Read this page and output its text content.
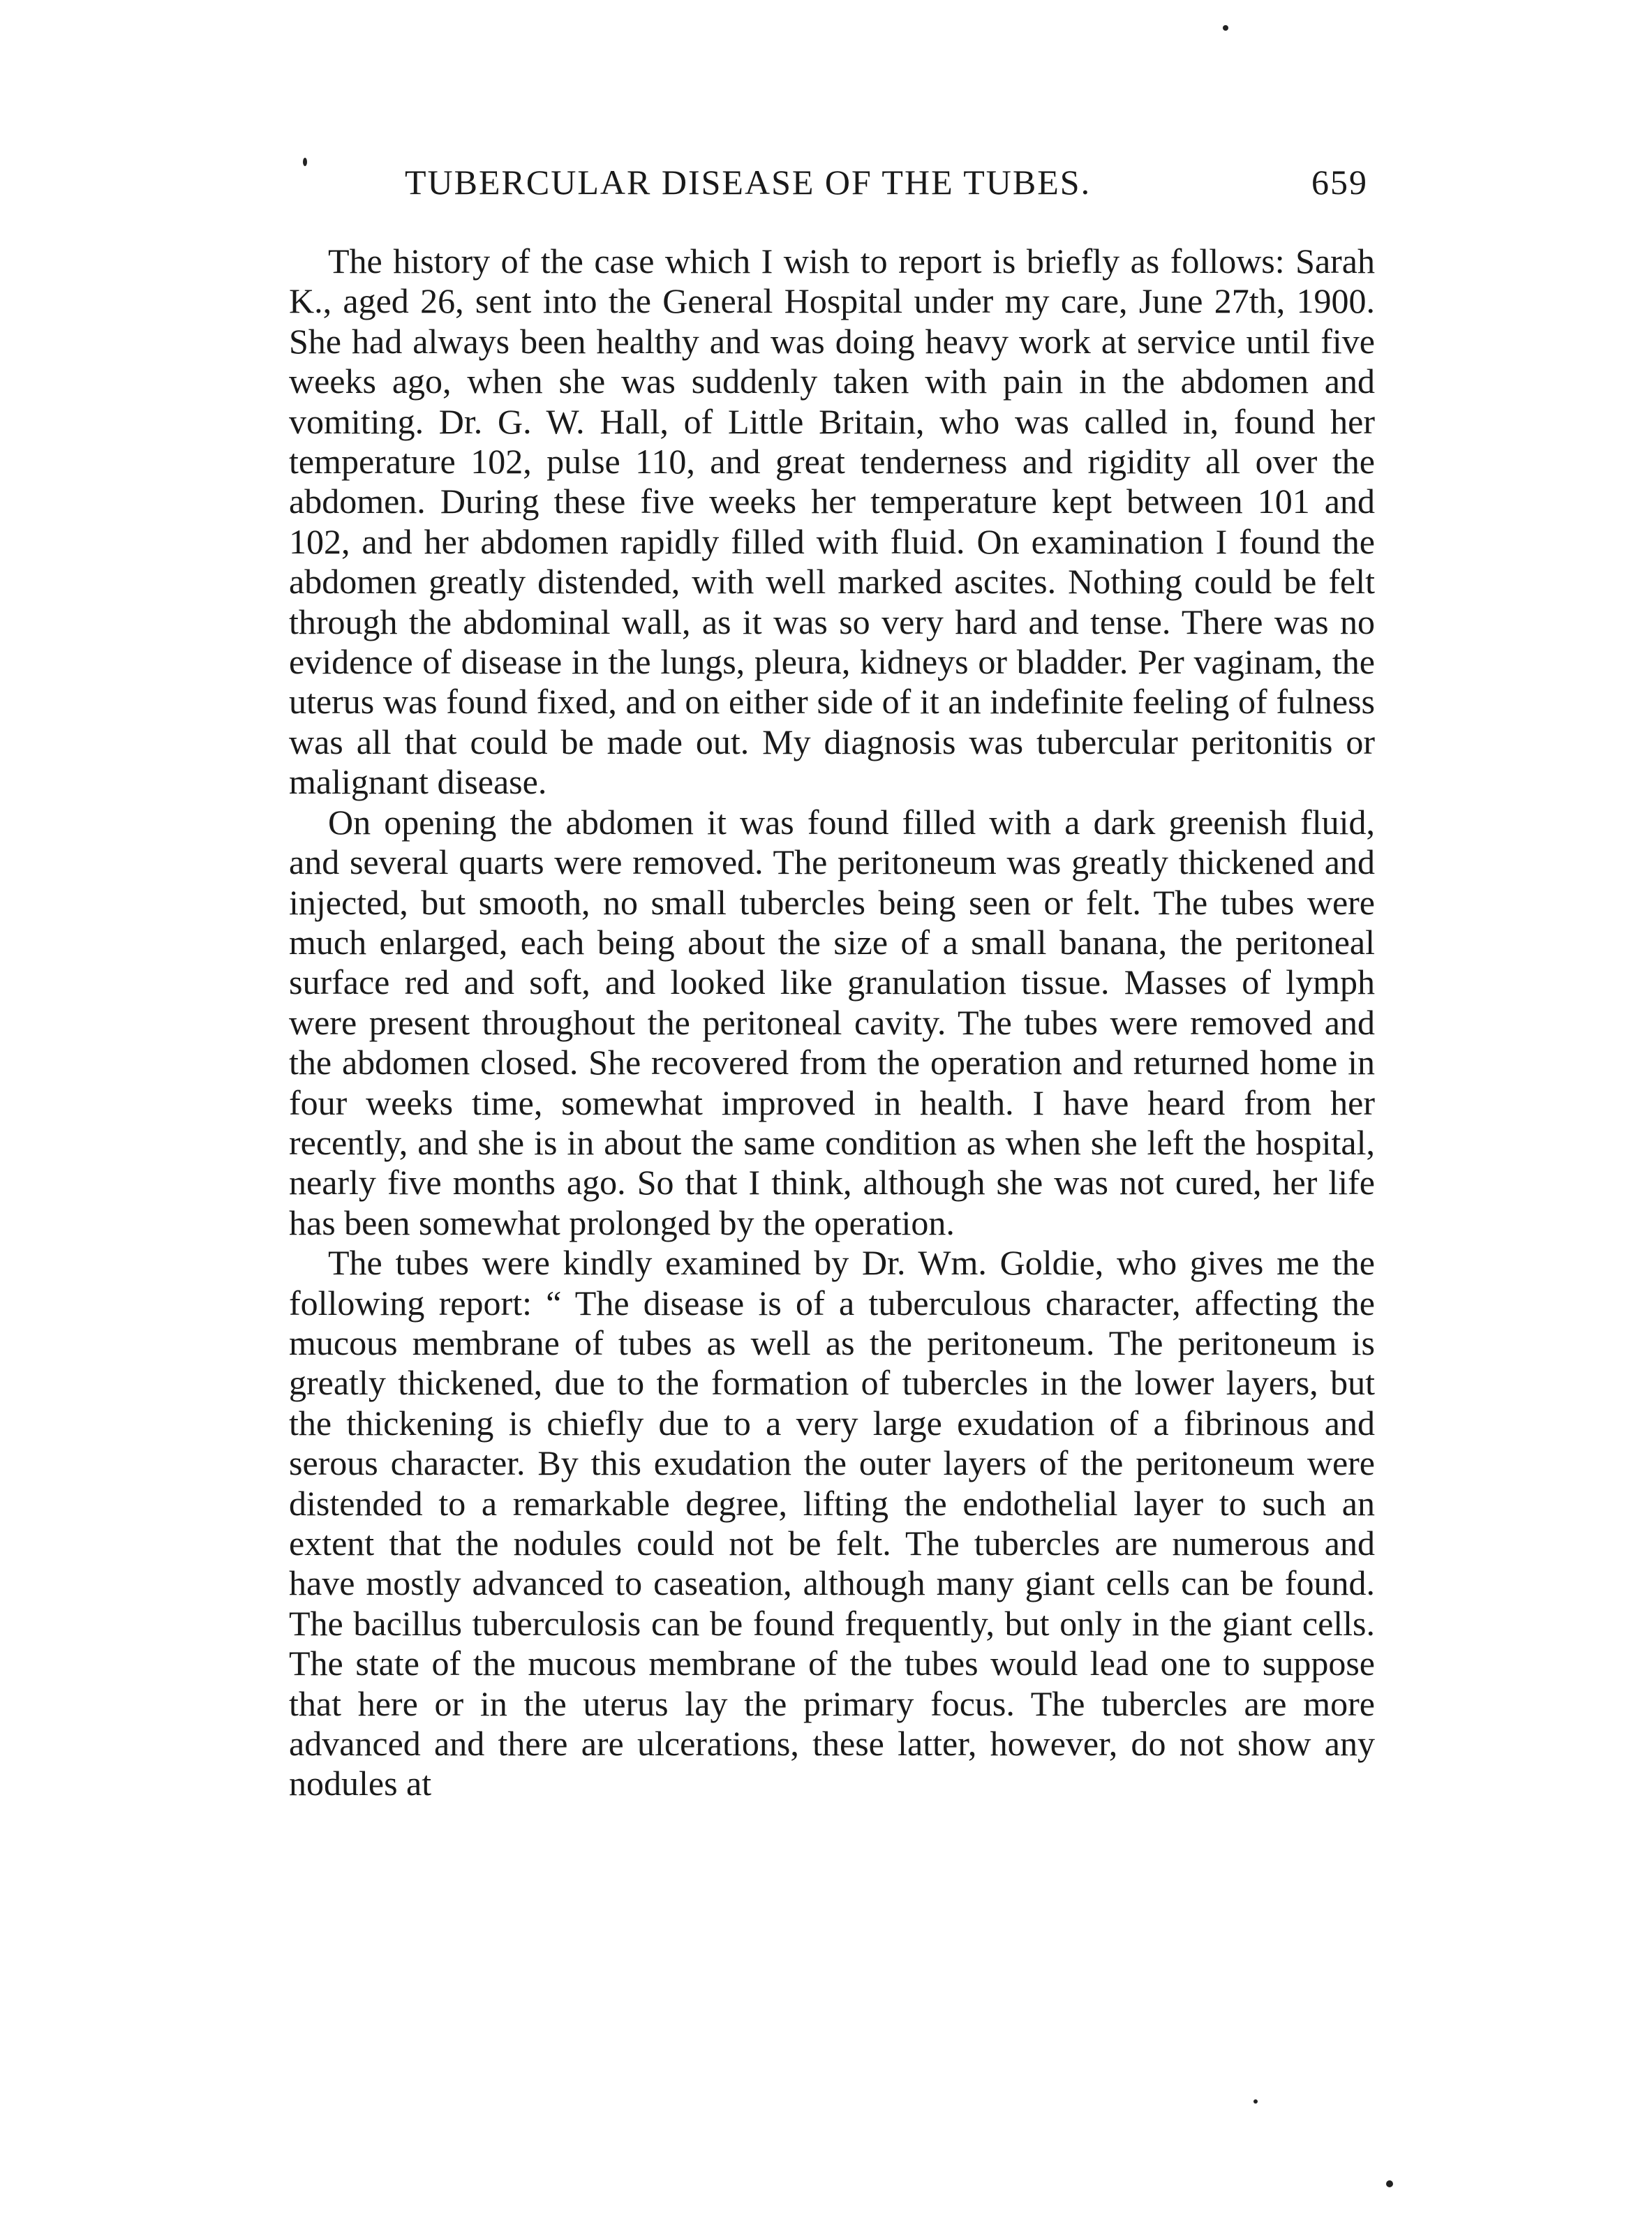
TUBERCULAR DISEASE OF THE TUBES.	659

The history of the case which I wish to report is briefly as follows: Sarah K., aged 26, sent into the General Hospital under my care, June 27th, 1900. She had always been healthy and was doing heavy work at service until five weeks ago, when she was suddenly taken with pain in the abdomen and vomiting. Dr. G. W. Hall, of Little Britain, who was called in, found her temperature 102, pulse 110, and great tenderness and rigidity all over the abdomen. During these five weeks her temperature kept between 101 and 102, and her abdomen rapidly filled with fluid. On examination I found the abdomen greatly distended, with well marked ascites. Nothing could be felt through the abdominal wall, as it was so very hard and tense. There was no evidence of disease in the lungs, pleura, kidneys or bladder. Per vaginam, the uterus was found fixed, and on either side of it an indefinite feeling of fulness was all that could be made out. My diagnosis was tubercular peritonitis or malignant disease.

On opening the abdomen it was found filled with a dark greenish fluid, and several quarts were removed. The peritoneum was greatly thickened and injected, but smooth, no small tubercles being seen or felt. The tubes were much enlarged, each being about the size of a small banana, the peritoneal surface red and soft, and looked like granulation tissue. Masses of lymph were present throughout the peritoneal cavity. The tubes were removed and the abdomen closed. She recovered from the operation and returned home in four weeks time, somewhat improved in health. I have heard from her recently, and she is in about the same condition as when she left the hospital, nearly five months ago. So that I think, although she was not cured, her life has been somewhat prolonged by the operation.

The tubes were kindly examined by Dr. Wm. Goldie, who gives me the following report: “ The disease is of a tuberculous character, affecting the mucous membrane of tubes as well as the peritoneum. The peritoneum is greatly thickened, due to the formation of tubercles in the lower layers, but the thickening is chiefly due to a very large exudation of a fibrinous and serous character. By this exudation the outer layers of the peritoneum were distended to a remarkable degree, lifting the endothelial layer to such an extent that the nodules could not be felt. The tubercles are numerous and have mostly advanced to caseation, although many giant cells can be found. The bacillus tuberculosis can be found frequently, but only in the giant cells. The state of the mucous membrane of the tubes would lead one to suppose that here or in the uterus lay the primary focus. The tubercles are more advanced and there are ulcerations, these latter, however, do not show any nodules at
